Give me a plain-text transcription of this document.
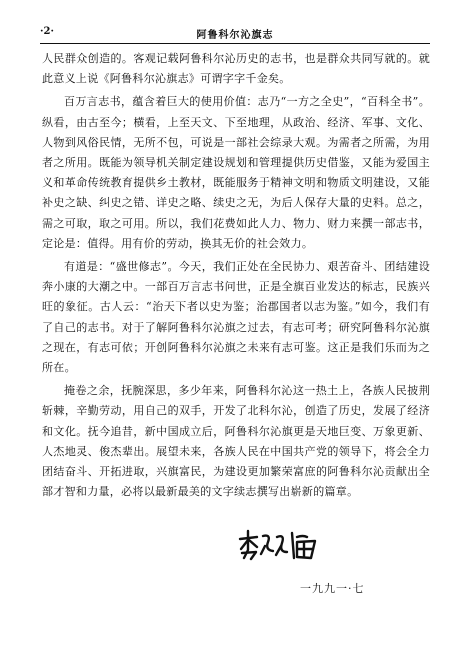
·2·	阿鲁科尔沁旗志

人民群众创造的。客观记载阿鲁科尔沁历史的志书，也是群众共同写就的。就此意义上说《阿鲁科尔沁旗志》可谓字字千金矣。

百万言志书，蕴含着巨大的使用价值：志乃“一方之全史”，“百科全书”。纵看，由古至今；横看，上至天文、下至地理，从政治、经济、军事、文化、人物到风俗民情，无所不包，可说是一部社会综录大观。为需者之所需，为用者之所用。既能为领导机关制定建设规划和管理提供历史借鉴，又能为爱国主义和革命传统教育提供乡土教材，既能服务于精神文明和物质文明建设，又能补史之缺、纠史之错、详史之略、续史之无，为后人保存大量的史料。总之，需之可取，取之可用。所以，我们花费如此人力、物力、财力来撰一部志书，定论是：值得。用有价的劳动，换其无价的社会效力。

有道是：“盛世修志”。今天，我们正处在全民协力、艰苦奋斗、团结建设奔小康的大潮之中。一部百万言志书问世，正是全旗百业发达的标志，民族兴旺的象征。古人云：“治天下者以史为鉴；治郡国者以志为鉴。”如今，我们有了自己的志书。对于了解阿鲁科尔沁旗之过去，有志可考；研究阿鲁科尔沁旗之现在，有志可依；开创阿鲁科尔沁旗之未来有志可鉴。这正是我们乐而为之所在。

掩卷之余，抚腕深思，多少年来，阿鲁科尔沁这一热土上，各族人民披荆斩棘，辛勤劳动，用自己的双手，开发了北科尔沁，创造了历史，发展了经济和文化。抚今追昔，新中国成立后，阿鲁科尔沁旗更是天地巨变、万象更新、人杰地灵、俊杰辈出。展望未来，各族人民在中国共产党的领导下，将会全力团结奋斗、开拓进取，兴旗富民，为建设更加繁荣富庶的阿鲁科尔沁贡献出全部才智和力量，必将以最新最美的文字续志撰写出崭新的篇章。

一九九一·七
